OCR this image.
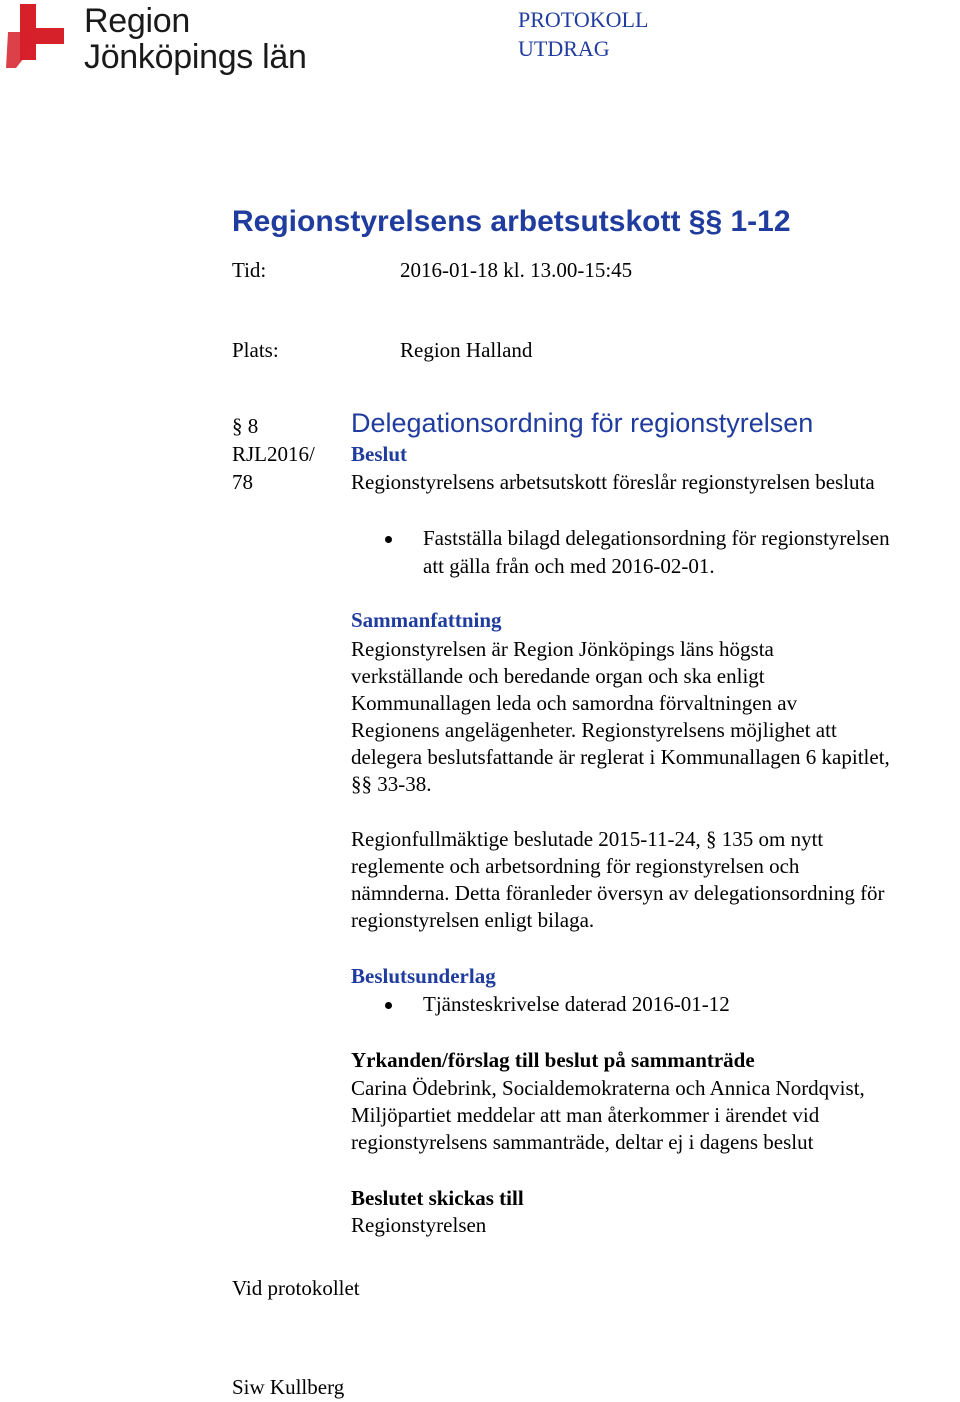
Region
Jönköpings län
PROTOKOLL
UTDRAG
Regionstyrelsens arbetsutskott §§ 1-12
Tid:	2016-01-18 kl. 13.00-15:45
Plats:	Region Halland
§ 8
RJL2016/
78
Delegationsordning för regionstyrelsen
Beslut
Regionstyrelsens arbetsutskott föreslår regionstyrelsen besluta
Fastställa bilagd delegationsordning för regionstyrelsen
att gälla från och med 2016-02-01.
Sammanfattning
Regionstyrelsen är Region Jönköpings läns högsta
verkställande och beredande organ och ska enligt
Kommunallagen leda och samordna förvaltningen av
Regionens angelägenheter. Regionstyrelsens möjlighet att
delegera beslutsfattande är reglerat i Kommunallagen 6 kapitlet,
§§ 33-38.
Regionfullmäktige beslutade 2015-11-24, § 135 om nytt
reglemente och arbetsordning för regionstyrelsen och
nämnderna. Detta föranleder översyn av delegationsordning för
regionstyrelsen enligt bilaga.
Beslutsunderlag
Tjänsteskrivelse daterad 2016-01-12
Yrkanden/förslag till beslut på sammanträde
Carina Ödebrink, Socialdemokraterna och Annica Nordqvist,
Miljöpartiet meddelar att man återkommer i ärendet vid
regionstyrelsens sammanträde, deltar ej i dagens beslut
Beslutet skickas till
Regionstyrelsen
Vid protokollet
Siw Kullberg
